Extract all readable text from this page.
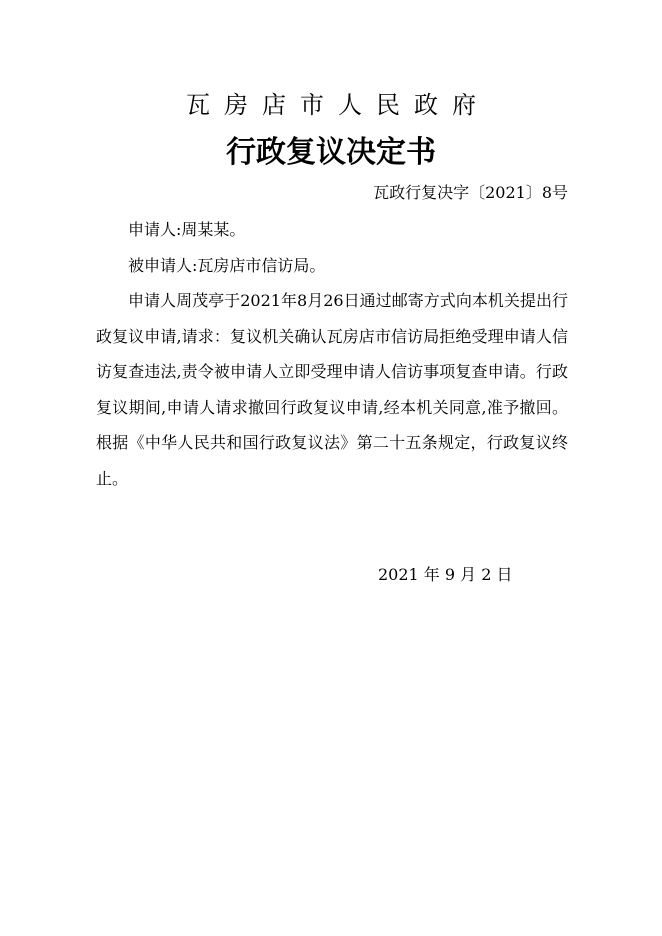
瓦房店市人民政府
行政复议决定书
瓦政行复决字〔2021〕8号

申请人:周某某。

被申请人:瓦房店市信访局。

申请人周茂亭于2021年8月26日通过邮寄方式向本机关提出行政复议申请,请求：复议机关确认瓦房店市信访局拒绝受理申请人信访复查违法,责令被申请人立即受理申请人信访事项复查申请。行政复议期间,申请人请求撤回行政复议申请,经本机关同意,准予撤回。根据《中华人民共和国行政复议法》第二十五条规定，行政复议终止。

2021 年 9 月 2 日
